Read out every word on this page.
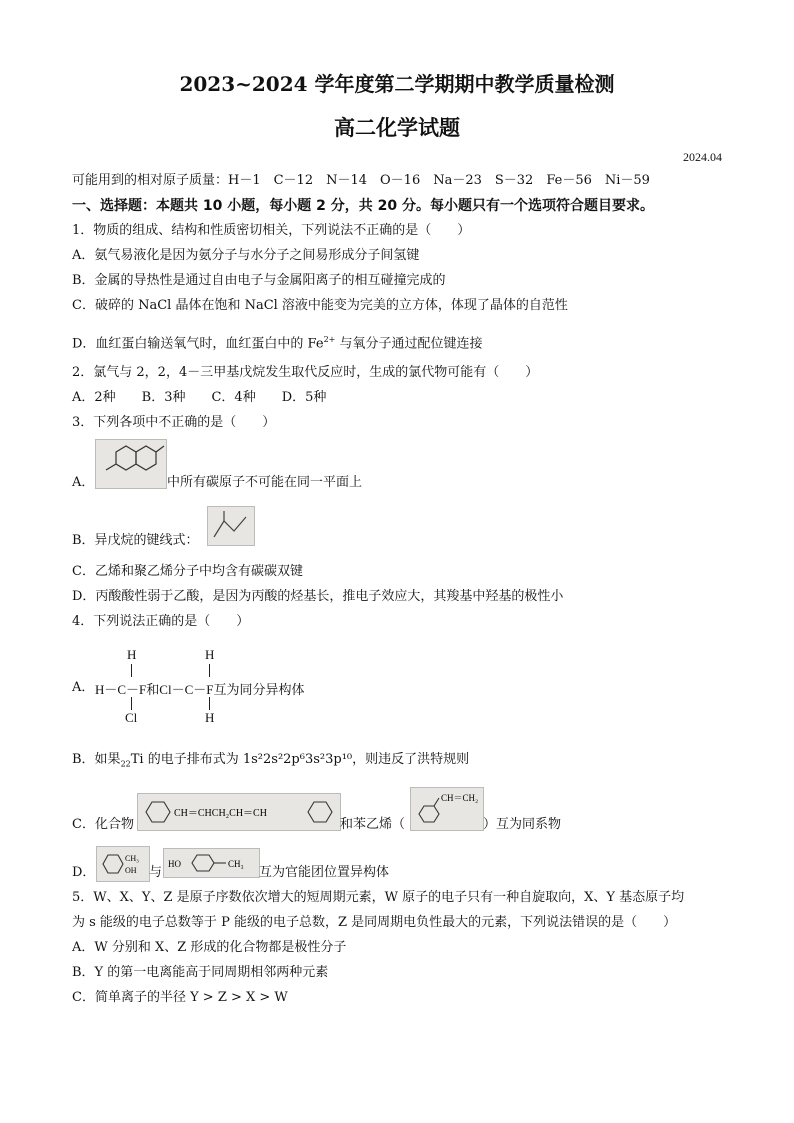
2023~2024 学年度第二学期期中教学质量检测
高二化学试题
2024.04
可能用到的相对原子质量：H－1　C－12　N－14　O－16　Na－23　S－32　Fe－56　Ni－59
一、选择题：本题共 10 小题，每小题 2 分，共 20 分。每小题只有一个选项符合题目要求。
1．物质的组成、结构和性质密切相关，下列说法不正确的是（　　）
A．氨气易液化是因为氨分子与水分子之间易形成分子间氢键
B．金属的导热性是通过自由电子与金属阳离子的相互碰撞完成的
C．破碎的 NaCl 晶体在饱和 NaCl 溶液中能变为完美的立方体，体现了晶体的自范性
D．血红蛋白输送氧气时，血红蛋白中的 $Fe^{2+}$ 与氧分子通过配位键连接
2．氯气与 2，2，4－三甲基戊烷发生取代反应时，生成的氯代物可能有（　　）
A．2种　　B．3种　　C．4种　　D．5种
3．下列各项中不正确的是（　　）
A．	中所有碳原子不可能在同一平面上
B．异戊烷的键线式：
C．乙烯和聚乙烯分子中均含有碳碳双键
D．丙酸酸性弱于乙酸，是因为丙酸的烃基长，推电子效应大，其羧基中羟基的极性小
4．下列说法正确的是（　　）
H	H
A． H－C－F和Cl－C－F互为同分异构体
Cl	H
B．如果$_{22}$Ti 的电子排布式为 1s²2s²2p⁶3s²3p¹⁰，则违反了洪特规则
C．化合物
CH＝CHCH₂CH＝CH
和苯乙烯（
CH＝CH₂
）互为同系物
D．
CH₃
OH 与
HO	CH₃
互为官能团位置异构体
5．W、X、Y、Z 是原子序数依次增大的短周期元素，W 原子的电子只有一种自旋取向，X、Y 基态原子均
为 s 能级的电子总数等于 P 能级的电子总数，Z 是同周期电负性最大的元素，下列说法错误的是（　　）
A．W 分别和 X、Z 形成的化合物都是极性分子
B．Y 的第一电离能高于同周期相邻两种元素
C．简单离子的半径 Y > Z > X > W
